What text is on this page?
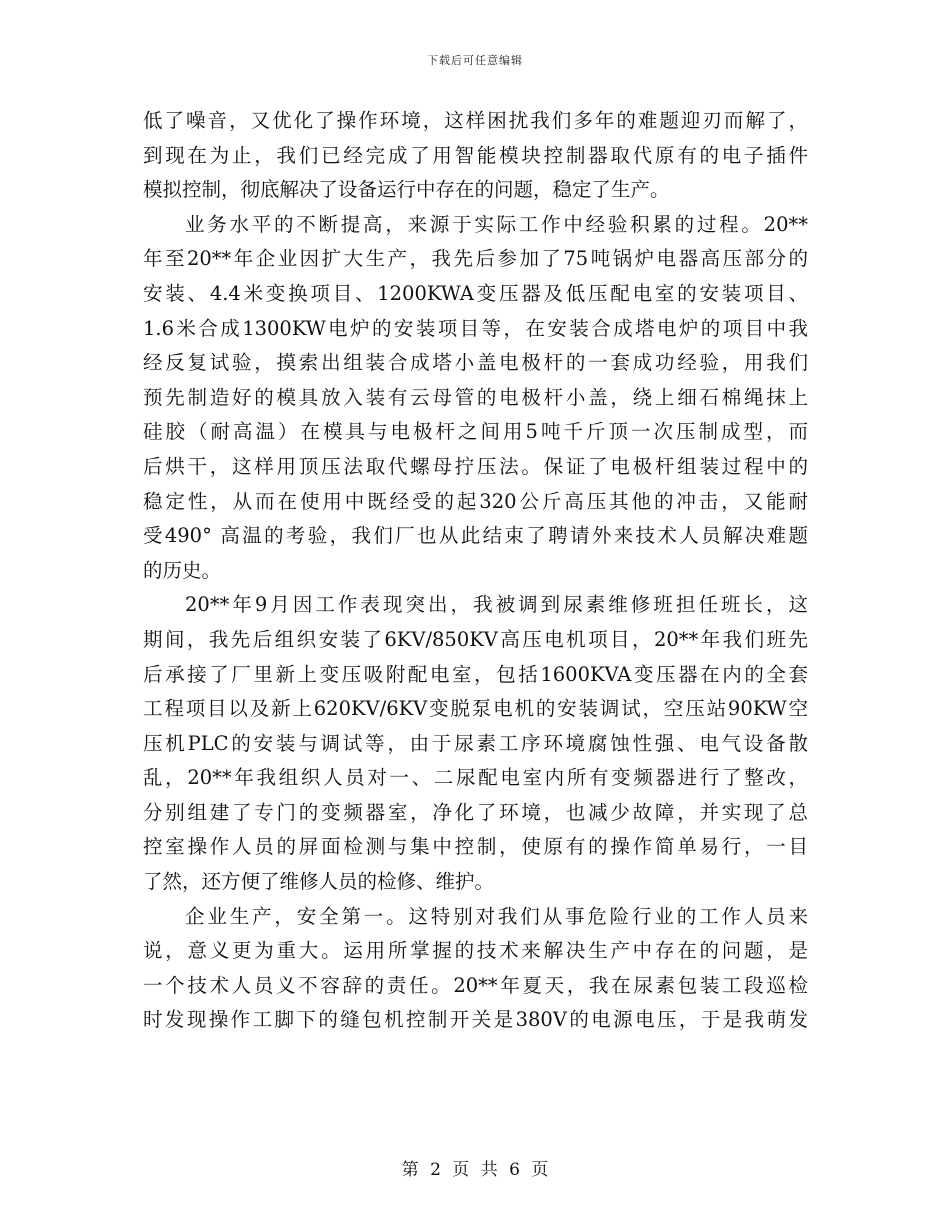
下载后可任意编辑
低了噪音，又优化了操作环境，这样困扰我们多年的难题迎刃而解了，
到现在为止，我们已经完成了用智能模块控制器取代原有的电子插件
模拟控制，彻底解决了设备运行中存在的问题，稳定了生产。
业务水平的不断提高，来源于实际工作中经验积累的过程。20**
年至20**年企业因扩大生产，我先后参加了75吨锅炉电器高压部分的
安装、4.4米变换项目、1200KWA变压器及低压配电室的安装项目、
1.6米合成1300KW电炉的安装项目等，在安装合成塔电炉的项目中我
经反复试验，摸索出组装合成塔小盖电极杆的一套成功经验，用我们
预先制造好的模具放入装有云母管的电极杆小盖，绕上细石棉绳抹上
硅胶（耐高温）在模具与电极杆之间用5吨千斤顶一次压制成型，而
后烘干，这样用顶压法取代螺母拧压法。保证了电极杆组装过程中的
稳定性，从而在使用中既经受的起320公斤高压其他的冲击，又能耐
受490° 高温的考验，我们厂也从此结束了聘请外来技术人员解决难题
的历史。
20**年9月因工作表现突出，我被调到尿素维修班担任班长，这
期间，我先后组织安装了6KV/850KV高压电机项目，20**年我们班先
后承接了厂里新上变压吸附配电室，包括1600KVA变压器在内的全套
工程项目以及新上620KV/6KV变脱泵电机的安装调试，空压站90KW空
压机PLC的安装与调试等，由于尿素工序环境腐蚀性强、电气设备散
乱，20**年我组织人员对一、二尿配电室内所有变频器进行了整改，
分别组建了专门的变频器室，净化了环境，也减少故障，并实现了总
控室操作人员的屏面检测与集中控制，使原有的操作简单易行，一目
了然，还方便了维修人员的检修、维护。
企业生产，安全第一。这特别对我们从事危险行业的工作人员来
说，意义更为重大。运用所掌握的技术来解决生产中存在的问题，是
一个技术人员义不容辞的责任。20**年夏天，我在尿素包装工段巡检
时发现操作工脚下的缝包机控制开关是380V的电源电压，于是我萌发
第 2 页 共 6 页
